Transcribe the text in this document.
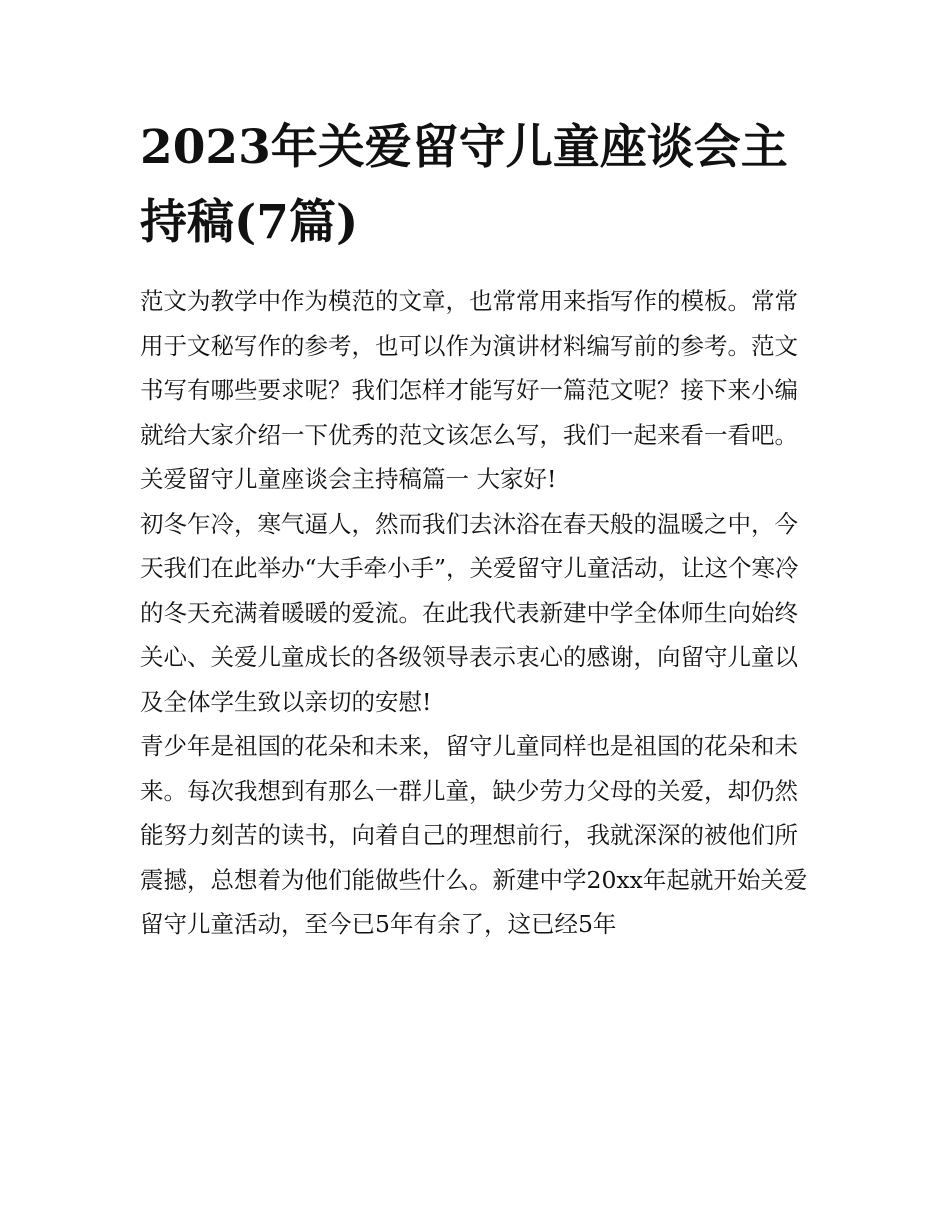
2023年关爱留守儿童座谈会主持稿(7篇)

范文为教学中作为模范的文章，也常常用来指写作的模板。常常用于文秘写作的参考，也可以作为演讲材料编写前的参考。范文书写有哪些要求呢？我们怎样才能写好一篇范文呢？接下来小编就给大家介绍一下优秀的范文该怎么写，我们一起来看一看吧。

关爱留守儿童座谈会主持稿篇一 大家好!

初冬乍冷，寒气逼人，然而我们去沐浴在春天般的温暖之中，今天我们在此举办“大手牵小手”，关爱留守儿童活动，让这个寒冷的冬天充满着暖暖的爱流。在此我代表新建中学全体师生向始终关心、关爱儿童成长的各级领导表示衷心的感谢，向留守儿童以及全体学生致以亲切的安慰!

青少年是祖国的花朵和未来，留守儿童同样也是祖国的花朵和未来。每次我想到有那么一群儿童，缺少劳力父母的关爱，却仍然能努力刻苦的读书，向着自己的理想前行，我就深深的被他们所震撼，总想着为他们能做些什么。新建中学20xx年起就开始关爱留守儿童活动，至今已5年有余了，这已经5年
